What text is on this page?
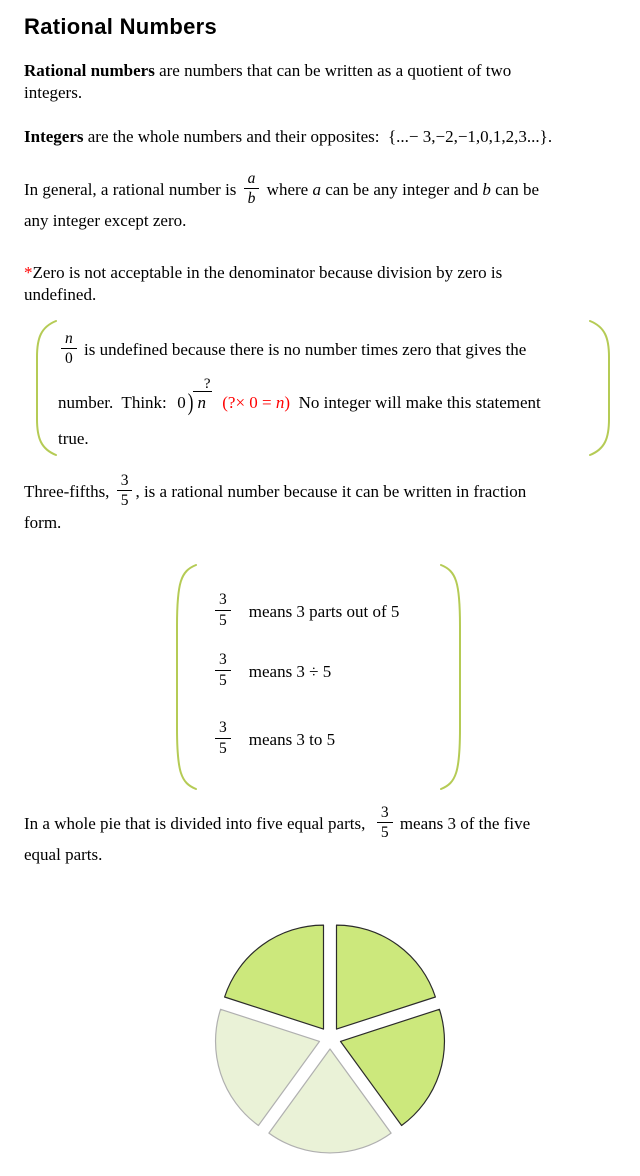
Rational Numbers
Rational numbers are numbers that can be written as a quotient of two
integers.
Integers are the whole numbers and their opposites:  {...− 3,−2,−1,0,1,2,3...}.
In general, a rational number is $\frac{a}{b}$ where a can be any integer and b can be
any integer except zero.
*Zero is not acceptable in the denominator because division by zero is
undefined.
$\frac{n}{0}$ is undefined because there is no number times zero that gives the
number.  Think:
?
0 ) n (?× 0 = n)  No integer will make this statement
true.
Three-fifths, $\frac{3}{5}$ , is a rational number because it can be written in fraction
form.
$\frac{3}{5}$ means 3 parts out of 5
$\frac{3}{5}$ means 3 ÷ 5
$\frac{3}{5}$ means 3 to 5
In a whole pie that is divided into five equal parts, $\frac{3}{5}$ means 3 of the five
equal parts.
